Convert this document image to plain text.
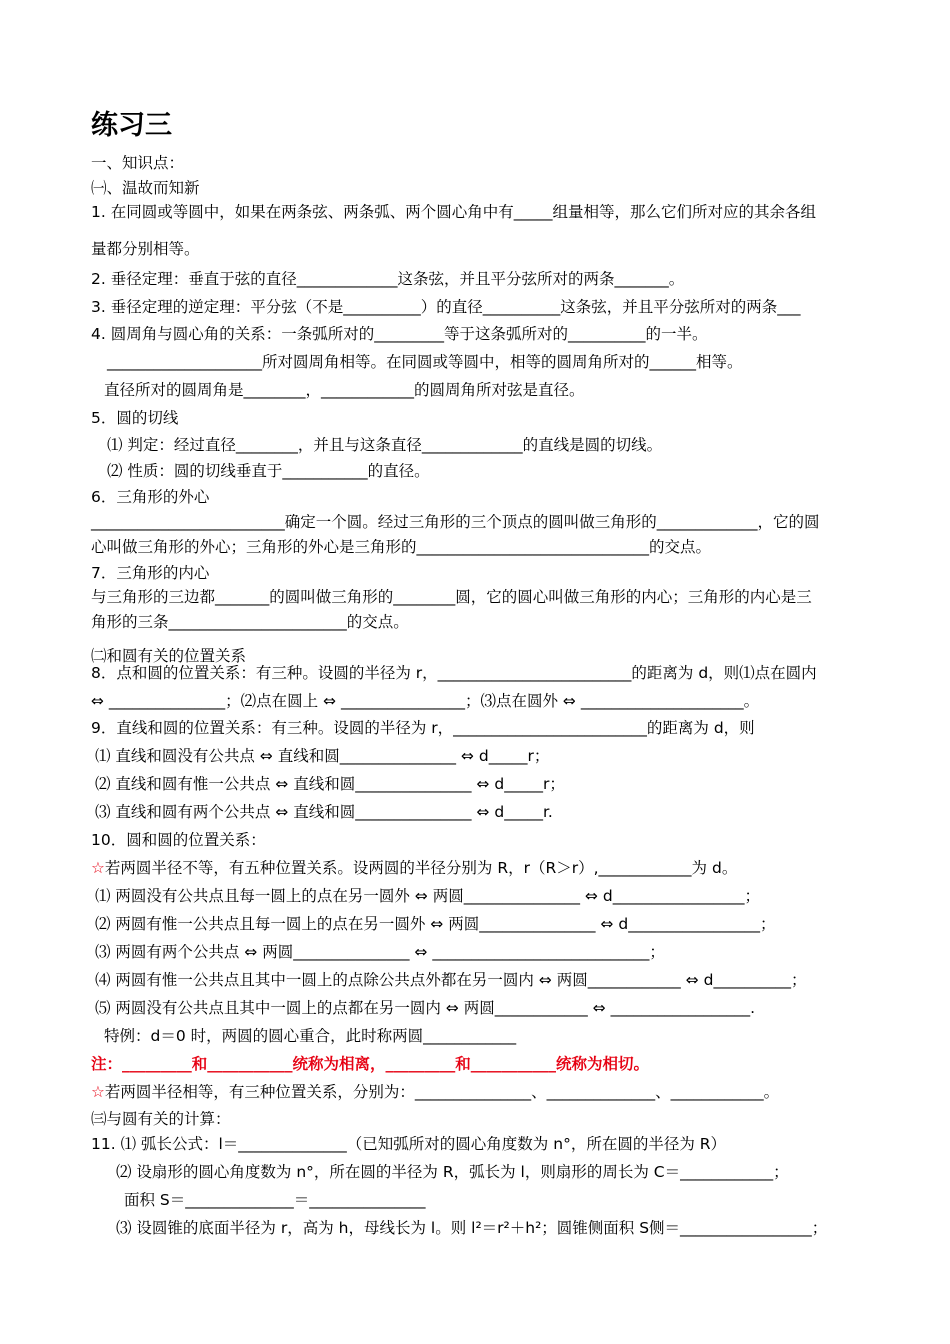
练习三
一、知识点：
㈠、温故而知新
1. 在同圆或等圆中，如果在两条弦、两条弧、两个圆心角中有_____组量相等，那么它们所对应的其余各组
量都分别相等。
2. 垂径定理：垂直于弦的直径_____________这条弦，并且平分弦所对的两条_______。
3. 垂径定理的逆定理：平分弦（不是__________）的直径__________这条弦，并且平分弦所对的两条___
4. 圆周角与圆心角的关系：一条弧所对的_________等于这条弧所对的__________的一半。
____________________所对圆周角相等。在同圆或等圆中，相等的圆周角所对的______相等。
直径所对的圆周角是________，____________的圆周角所对弦是直径。
5．圆的切线
⑴ 判定：经过直径________，并且与这条直径_____________的直线是圆的切线。
⑵ 性质：圆的切线垂直于___________的直径。
6．三角形的外心
_________________________确定一个圆。经过三角形的三个顶点的圆叫做三角形的_____________，它的圆
心叫做三角形的外心；三角形的外心是三角形的______________________________的交点。
7．三角形的内心
与三角形的三边都_______的圆叫做三角形的________圆，它的圆心叫做三角形的内心；三角形的内心是三
角形的三条_______________________的交点。
㈡和圆有关的位置关系
8．点和圆的位置关系：有三种。设圆的半径为 r，_________________________的距离为 d，则⑴点在圆内
⇔ _______________；⑵点在圆上 ⇔ ________________；⑶点在圆外 ⇔ _____________________。
9．直线和圆的位置关系：有三种。设圆的半径为 r，_________________________的距离为 d，则
⑴ 直线和圆没有公共点 ⇔ 直线和圆_______________ ⇔ d_____r；
⑵ 直线和圆有惟一公共点 ⇔ 直线和圆_______________ ⇔ d_____r；
⑶ 直线和圆有两个公共点 ⇔ 直线和圆_______________ ⇔ d_____r.
10．圆和圆的位置关系：
☆若两圆半径不等，有五种位置关系。设两圆的半径分别为 R，r（R＞r）,____________为 d。
⑴ 两圆没有公共点且每一圆上的点在另一圆外 ⇔ 两圆_______________ ⇔ d_________________；
⑵ 两圆有惟一公共点且每一圆上的点在另一圆外 ⇔ 两圆_______________ ⇔ d_________________；
⑶ 两圆有两个公共点 ⇔ 两圆_______________ ⇔ ____________________________；
⑷ 两圆有惟一公共点且其中一圆上的点除公共点外都在另一圆内 ⇔ 两圆____________ ⇔ d__________；
⑸ 两圆没有公共点且其中一圆上的点都在另一圆内 ⇔ 两圆____________ ⇔ __________________.
特例：d＝0 时，两圆的圆心重合，此时称两圆____________
注：_________和___________统称为相离，_________和___________统称为相切。
☆若两圆半径相等，有三种位置关系，分别为：_______________、______________、____________。
㈢与圆有关的计算：
11. ⑴ 弧长公式：l＝______________（已知弧所对的圆心角度数为 n°，所在圆的半径为 R）
⑵ 设扇形的圆心角度数为 n°，所在圆的半径为 R，弧长为 l，则扇形的周长为 C＝____________；
面积 S＝______________＝_______________
⑶ 设圆锥的底面半径为 r，高为 h，母线长为 l。则 l²＝r²＋h²；圆锥侧面积 S侧＝_________________；
